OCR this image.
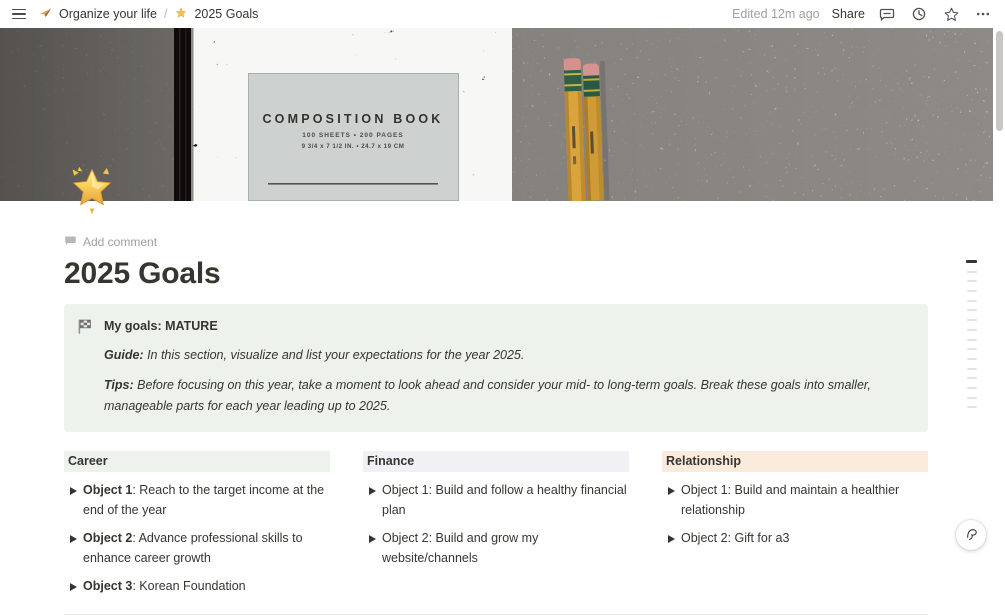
Organize your life / 2025 Goals	Edited 12m ago Share
COMPOSITION BOOK
100 SHEETS • 200 PAGES
9 3/4 x 7 1/2 IN. • 24.7 x 19 CM
Add comment
2025 Goals

My goals: MATURE

Guide: In this section, visualize and list your expectations for the year 2025.

Tips: Before focusing on this year, take a moment to look ahead and consider your mid- to long-term goals. Break these goals into smaller, manageable parts for each year leading up to 2025.

Career

Object 1: Reach to the target income at the end of the year

Object 2: Advance professional skills to enhance career growth

Object 3: Korean Foundation

Finance

Object 1: Build and follow a healthy financial plan

Object 2: Build and grow my website/channels

Relationship

Object 1: Build and maintain a healthier relationship

Object 2: Gift for a3
